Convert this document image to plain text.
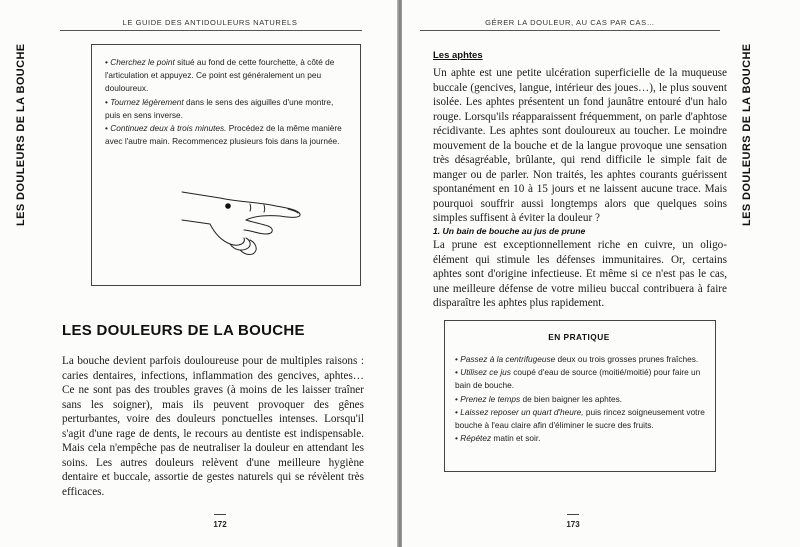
LE GUIDE DES ANTIDOULEURS NATURELS
LES DOULEURS DE LA BOUCHE	• Cherchez le point situé au fond de cette fourchette, à côté de l'articulation et appuyez. Ce point est généralement un peu douloureux.

• Tournez légèrement dans le sens des aiguilles d'une montre, puis en sens inverse.

• Continuez deux à trois minutes. Procédez de la même manière avec l'autre main. Recommencez plusieurs fois dans la journée.

LES DOULEURS DE LA BOUCHE
La bouche devient parfois douloureuse pour de multiples raisons : caries dentaires, infections, inflammation des gencives, aphtes… Ce ne sont pas des troubles graves (à moins de les laisser traîner sans les soigner), mais ils peuvent provoquer des gênes perturbantes, voire des douleurs ponctuelles intenses. Lorsqu'il s'agit d'une rage de dents, le recours au dentiste est indispensable. Mais cela n'empêche pas de neutraliser la douleur en attendant les soins. Les autres douleurs relèvent d'une meilleure hygiène dentaire et buccale, assortie de gestes naturels qui se révèlent très efficaces.
172
GÉRER LA DOULEUR, AU CAS PAR CAS…
LES DOULEURS DE LA BOUCHE
Les aphtes
Un aphte est une petite ulcération superficielle de la muqueuse buccale (gencives, langue, intérieur des joues…), le plus souvent isolée. Les aphtes présentent un fond jaunâtre entouré d'un halo rouge. Lorsqu'ils réapparaissent fréquemment, on parle d'aphtose récidivante. Les aphtes sont douloureux au toucher. Le moindre mouvement de la bouche et de la langue provoque une sensation très désagréable, brûlante, qui rend difficile le simple fait de manger ou de parler. Non traités, les aphtes courants guérissent spontanément en 10 à 15 jours et ne laissent aucune trace. Mais pourquoi souffrir aussi longtemps alors que quelques soins simples suffisent à éviter la douleur ?
1. Un bain de bouche au jus de prune
La prune est exceptionnellement riche en cuivre, un oligo-élément qui stimule les défenses immunitaires. Or, certains aphtes sont d'origine infectieuse. Et même si ce n'est pas le cas, une meilleure défense de votre milieu buccal contribuera à faire disparaître les aphtes plus rapidement.
EN PRATIQUE

• Passez à la centrifugeuse deux ou trois grosses prunes fraîches.

• Utilisez ce jus coupé d'eau de source (moitié/moitié) pour faire un bain de bouche.

• Prenez le temps de bien baigner les aphtes.

• Laissez reposer un quart d'heure, puis rincez soigneusement votre bouche à l'eau claire afin d'éliminer le sucre des fruits.

• Répétez matin et soir.

173
